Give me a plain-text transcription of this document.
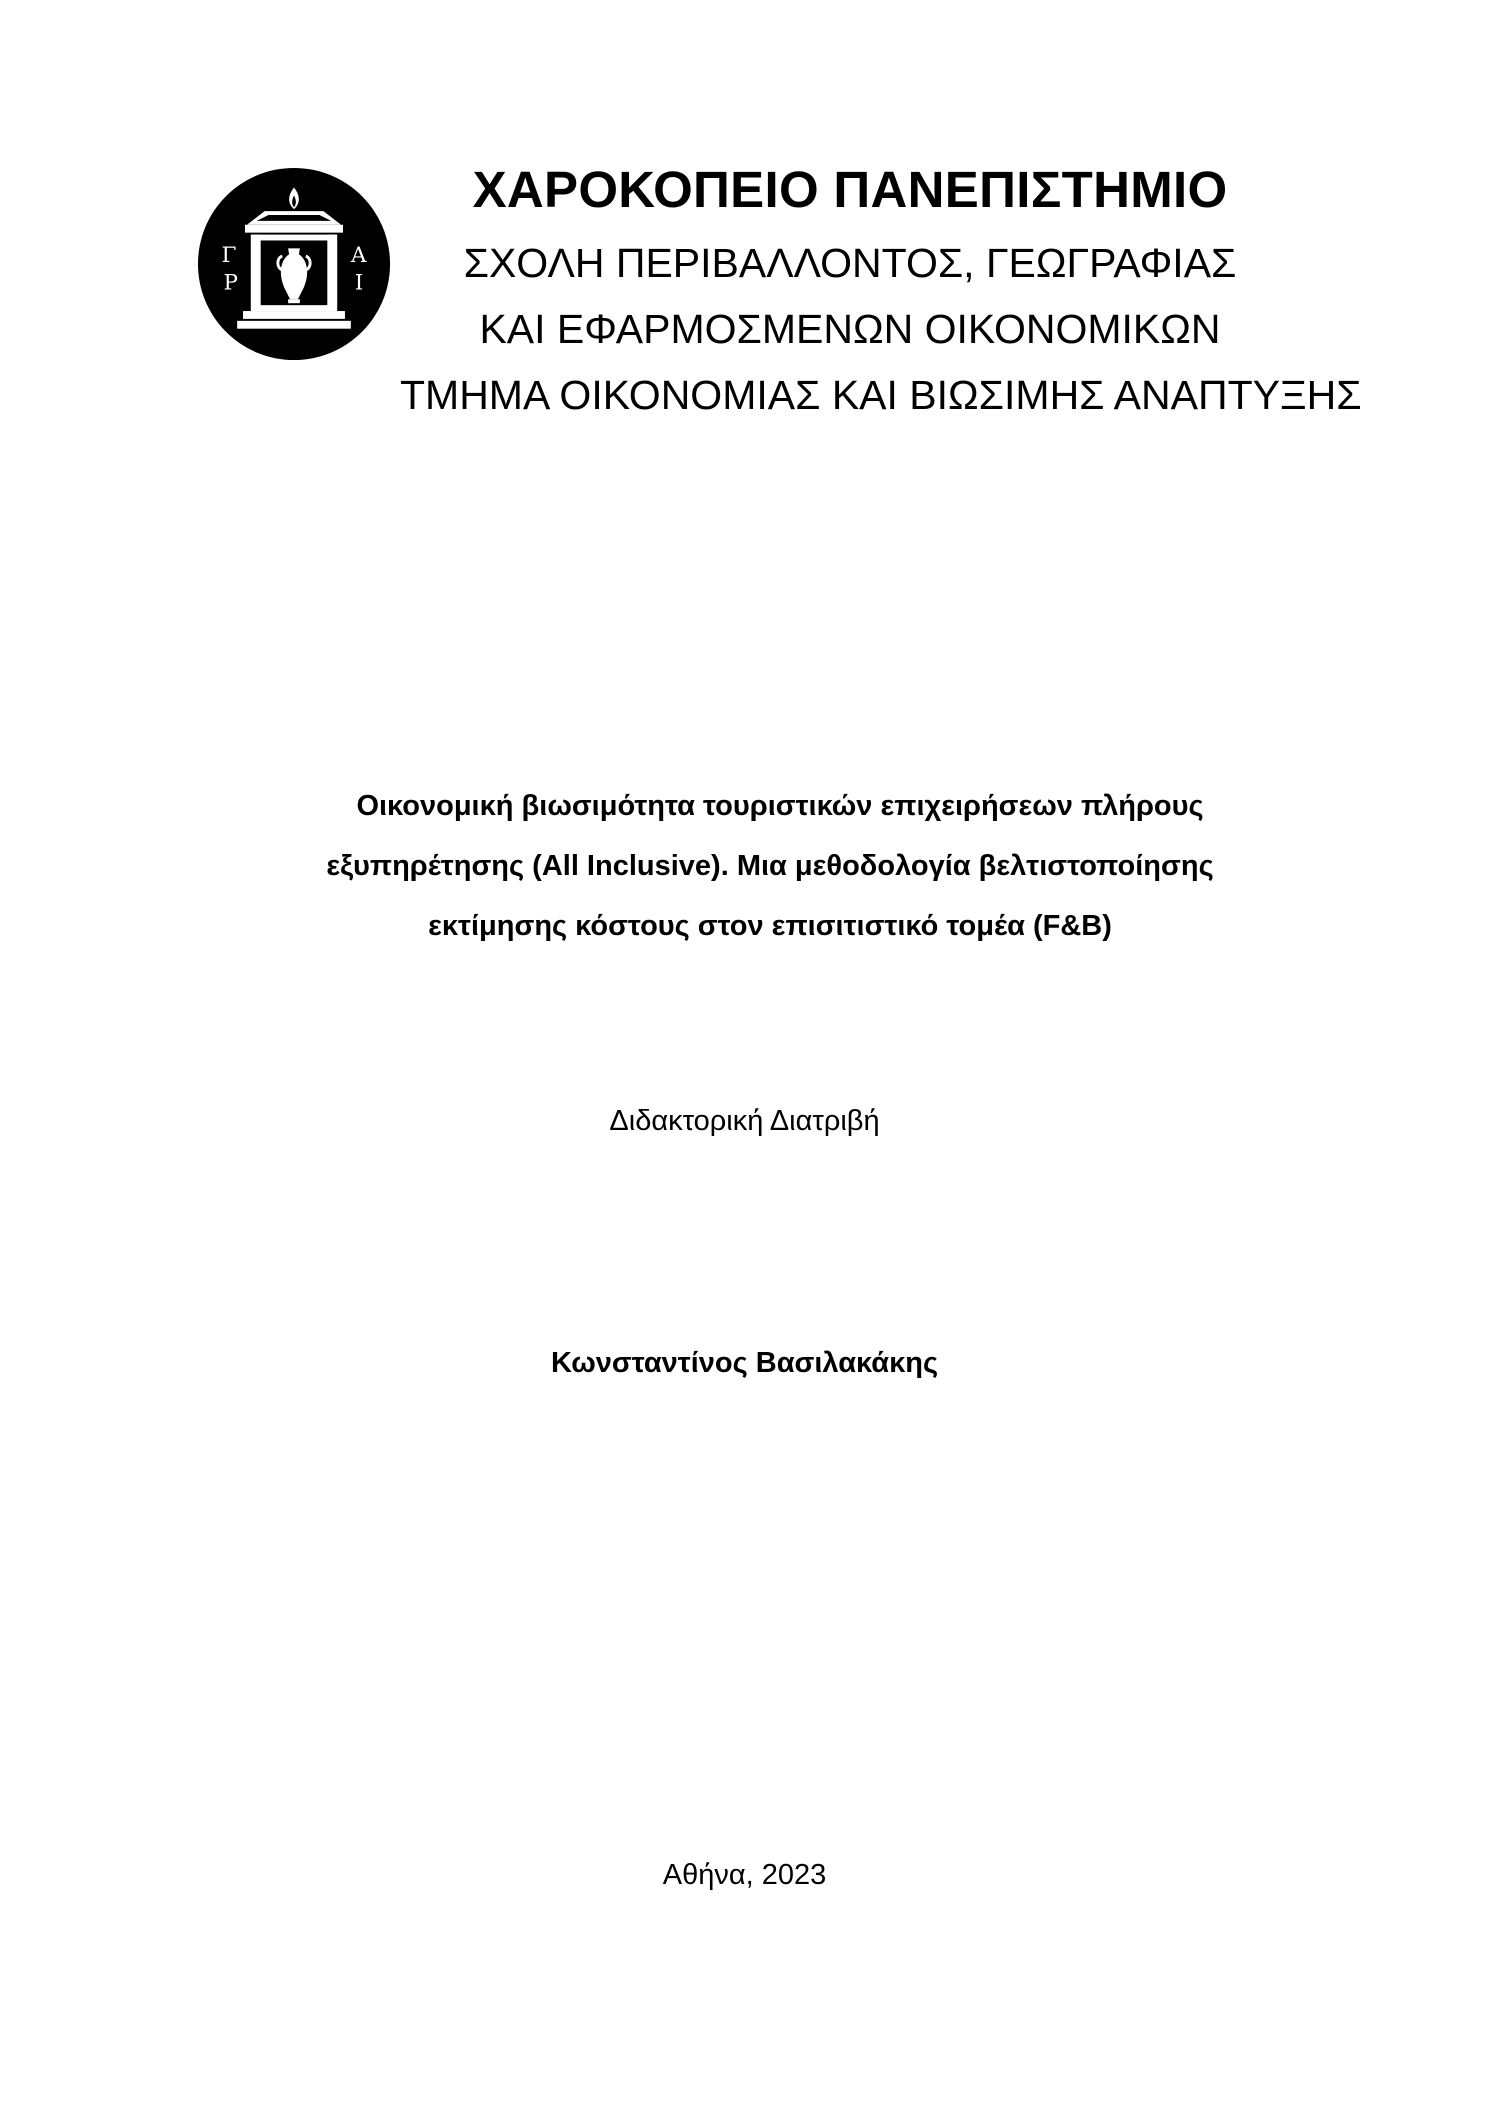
Γ
Ρ
Α
Ι
ΧΑΡΟΚΟΠΕΙΟ ΠΑΝΕΠΙΣΤΗΜΙΟ
ΣΧΟΛΗ ΠΕΡΙΒΑΛΛΟΝΤΟΣ, ΓΕΩΓΡΑΦΙΑΣ
ΚΑΙ ΕΦΑΡΜΟΣΜΕΝΩΝ ΟΙΚΟΝΟΜΙΚΩΝ
ΤΜΗΜΑ ΟΙΚΟΝΟΜΙΑΣ ΚΑΙ ΒΙΩΣΙΜΗΣ ΑΝΑΠΤΥΞΗΣ
Οικονομική βιωσιμότητα τουριστικών επιχειρήσεων πλήρους
εξυπηρέτησης (All Inclusive). Μια μεθοδολογία βελτιστοποίησης
εκτίμησης κόστους στον επισιτιστικό τομέα (F&B)
Διδακτορική Διατριβή
Κωνσταντίνος Βασιλακάκης
Αθήνα, 2023
